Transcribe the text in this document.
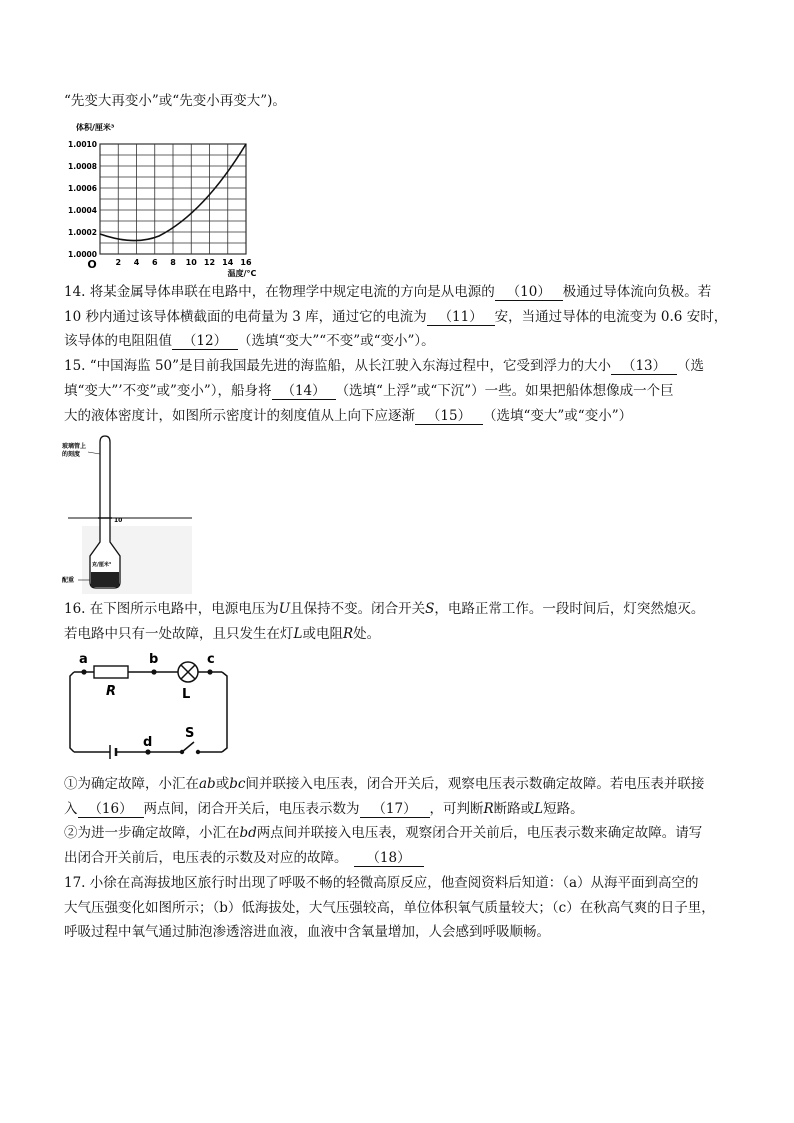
“先变大再变小”或“先变小再变大”)。
体积/厘米³
1.0010
1.0008
1.0006
1.0004
1.0002
1.0000
O 2 4 6 8 10 12 14 16
温度/°C
14. 将某金属导体串联在电路中，在物理学中规定电流的方向是从电源的 （10） 极通过导体流向负极。若
10 秒内通过该导体横截面的电荷量为 3 库，通过它的电流为 （11） 安，当通过导体的电流变为 0.6 安时，
该导体的电阻阻值 （12） （选填“变大”“不变”或“变小”）。
15. “中国海监 50”是目前我国最先进的海监船，从长江驶入东海过程中，它受到浮力的大小 （13） （选
填“变大”’不变”或”变小”），船身将 （14） （选填“上浮”或“下沉”）一些。如果把船体想像成一个巨
大的液体密度计，如图所示密度计的刻度值从上向下应逐渐 （15） （选填“变大”或“变小”）
10
玻璃管上
的刻度
克/厘米³
配重
16. 在下图所示电路中，电源电压为U且保持不变。闭合开关S，电路正常工作。一段时间后，灯突然熄灭。
若电路中只有一处故障，且只发生在灯L或电阻R处。
a	b	c
d
R	L
S
①为确定故障，小汇在ab或bc间并联接入电压表，闭合开关后，观察电压表示数确定故障。若电压表并联接
入 （16） 两点间，闭合开关后，电压表示数为 （17） ，可判断R断路或L短路。
②为进一步确定故障，小汇在bd两点间并联接入电压表，观察闭合开关前后，电压表示数来确定故障。请写
出闭合开关前后，电压表的示数及对应的故障。 （18）
17. 小徐在高海拔地区旅行时出现了呼吸不畅的轻微高原反应，他查阅资料后知道：（a）从海平面到高空的
大气压强变化如图所示；（b）低海拔处，大气压强较高，单位体积氧气质量较大；（c）在秋高气爽的日子里，
呼吸过程中氧气通过肺泡渗透溶进血液，血液中含氧量增加，人会感到呼吸顺畅。
